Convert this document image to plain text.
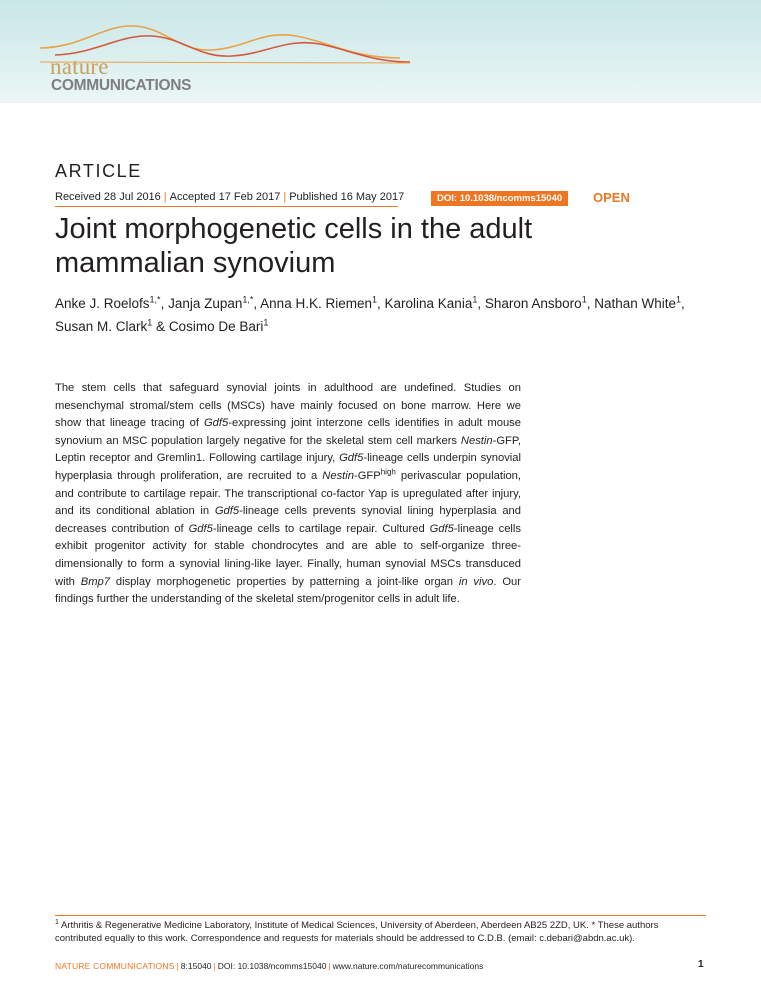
nature
COMMUNICATIONS
ARTICLE
Received 28 Jul 2016 | Accepted 17 Feb 2017 | Published 16 May 2017	DOI: 10.1038/ncomms15040	OPEN
Joint morphogenetic cells in the adult mammalian synovium
Anke J. Roelofs$^{1,*}$, Janja Zupan$^{1,*}$, Anna H.K. Riemen$^1$, Karolina Kania$^1$, Sharon Ansboro$^1$, Nathan White$^1$,
Susan M. Clark$^1$ & Cosimo De Bari$^1$

The stem cells that safeguard synovial joints in adulthood are undefined. Studies on mesenchymal stromal/stem cells (MSCs) have mainly focused on bone marrow. Here we show that lineage tracing of Gdf5-expressing joint interzone cells identifies in adult mouse synovium an MSC population largely negative for the skeletal stem cell markers Nestin-GFP, Leptin receptor and Gremlin1. Following cartilage injury, Gdf5-lineage cells underpin synovial hyperplasia through proliferation, are recruited to a Nestin-$GFP^{high}$ perivascular population, and contribute to cartilage repair. The transcriptional co-factor Yap is upregulated after injury, and its conditional ablation in Gdf5-lineage cells prevents synovial lining hyperplasia and decreases contribution of Gdf5-lineage cells to cartilage repair. Cultured Gdf5-lineage cells exhibit progenitor activity for stable chondrocytes and are able to self-organize three-dimensionally to form a synovial lining-like layer. Finally, human synovial MSCs transduced with Bmp7 display morphogenetic properties by patterning a joint-like organ in vivo. Our findings further the understanding of the skeletal stem/progenitor cells in adult life.

$^1$ Arthritis & Regenerative Medicine Laboratory, Institute of Medical Sciences, University of Aberdeen, Aberdeen AB25 2ZD, UK. * These authors contributed equally to this work. Correspondence and requests for materials should be addressed to C.D.B. (email: c.debari@abdn.ac.uk).
NATURE COMMUNICATIONS | 8:15040 | DOI: 10.1038/ncomms15040 | www.nature.com/naturecommunications	1
